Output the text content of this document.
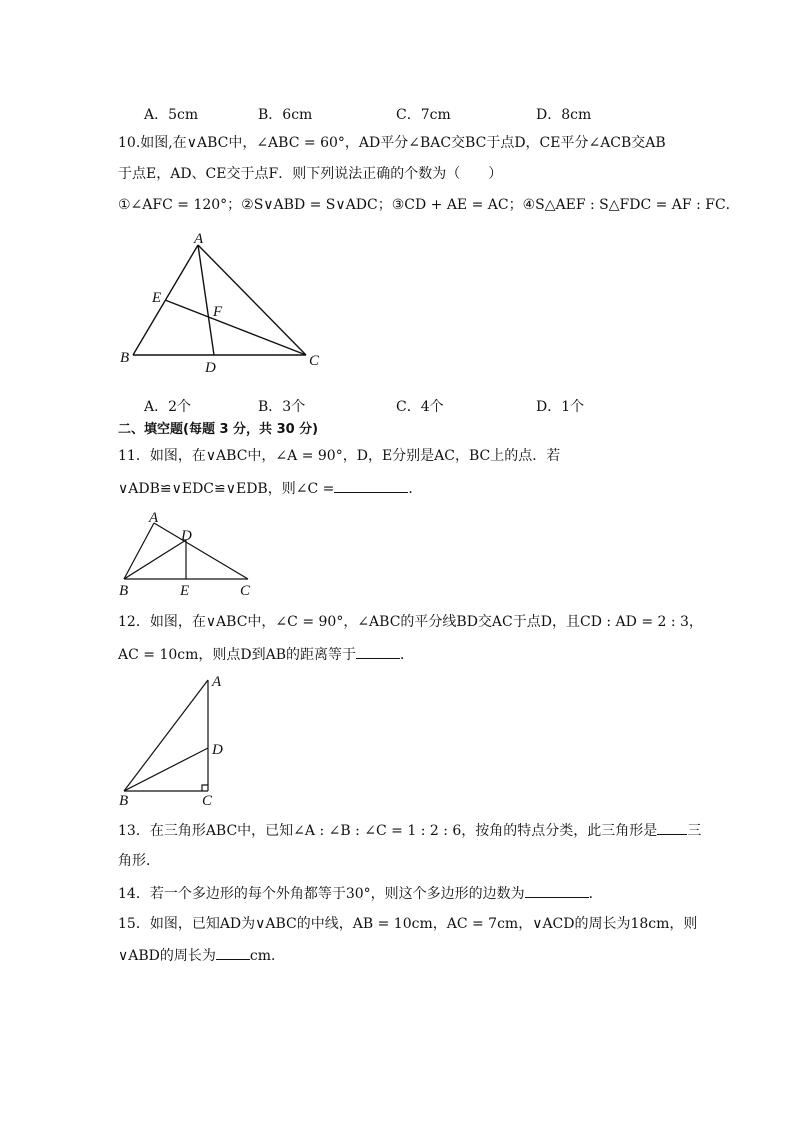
A．5cm	B．6cm	C．7cm	D．8cm
10.如图,在∨ABC中，∠ABC = 60°，AD平分∠BAC交BC于点D，CE平分∠ACB交AB
于点E，AD、CE交于点F．则下列说法正确的个数为（　　）
①∠AFC = 120°；②S∨ABD = S∨ADC；③CD + AE = AC；④S△AEF : S△FDC = AF : FC．
A
B	C
D
E
F
A．2个	B．3个	C．4个	D．1个
二、填空题(每题 3 分，共 30 分)
11．如图，在∨ABC中，∠A = 90°，D，E分别是AC，BC上的点．若
∨ADB≌∨EDC≌∨EDB，则∠C =	．
A
B	C
D
E
12．如图，在∨ABC中，∠C = 90°，∠ABC的平分线BD交AC于点D，且CD : AD = 2 : 3，
AC = 10cm，则点D到AB的距离等于	．
A
B	C
D
13．在三角形ABC中，已知∠A : ∠B : ∠C = 1 : 2 : 6，按角的特点分类，此三角形是 三
角形．
14．若一个多边形的每个外角都等于30°，则这个多边形的边数为	．
15．如图，已知AD为∨ABC的中线，AB = 10cm，AC = 7cm，∨ACD的周长为18cm，则
∨ABD的周长为 cm．
